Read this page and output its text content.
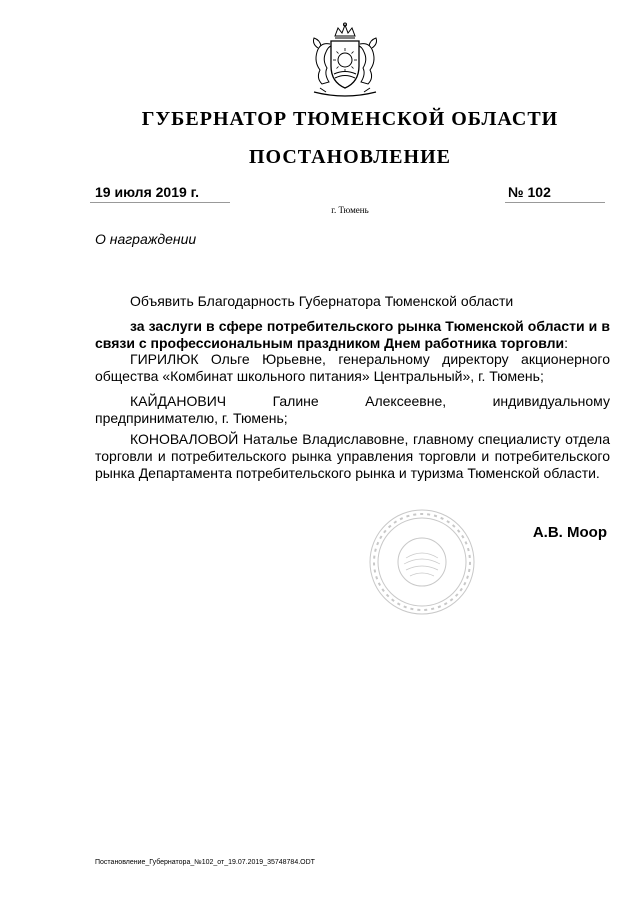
ГУБЕРНАТОР ТЮМЕНСКОЙ ОБЛАСТИ
ПОСТАНОВЛЕНИЕ
19 июля 2019 г.	№ 102
г. Тюмень
О награждении
Объявить Благодарность Губернатора Тюменской области
за заслуги в сфере потребительского рынка Тюменской области и в связи с профессиональным праздником Днем работника торговли:
ГИРИЛЮК Ольге Юрьевне, генеральному директору акционерного общества «Комбинат школьного питания» Центральный», г. Тюмень;
КАЙДАНОВИЧ	Галине	Алексеевне,	индивидуальному
предпринимателю, г. Тюмень;
КОНОВАЛОВОЙ Наталье Владиславовне, главному специалисту отдела торговли и потребительского рынка управления торговли и потребительского рынка Департамента потребительского рынка и туризма Тюменской области.
А.В. Моор
Постановление_Губернатора_№102_от_19.07.2019_35748784.ODT
